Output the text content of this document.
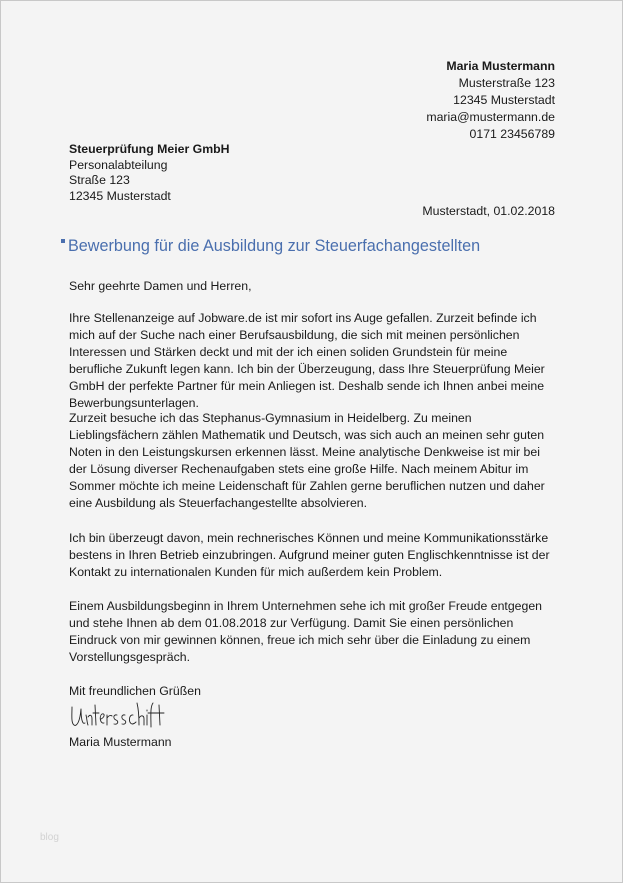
Maria Mustermann
Musterstraße 123
12345 Musterstadt
maria@mustermann.de
0171 23456789
Steuerprüfung Meier GmbH
Personalabteilung
Straße 123
12345 Musterstadt
Musterstadt, 01.02.2018
Bewerbung für die Ausbildung zur Steuerfachangestellten
Sehr geehrte Damen und Herren,

Ihre Stellenanzeige auf Jobware.de ist mir sofort ins Auge gefallen. Zurzeit befinde ich mich auf der Suche nach einer Berufsausbildung, die sich mit meinen persönlichen Interessen und Stärken deckt und mit der ich einen soliden Grundstein für meine berufliche Zukunft legen kann. Ich bin der Überzeugung, dass Ihre Steuerprüfung Meier GmbH der perfekte Partner für mein Anliegen ist. Deshalb sende ich Ihnen anbei meine Bewerbungsunterlagen.

Zurzeit besuche ich das Stephanus-Gymnasium in Heidelberg. Zu meinen Lieblingsfächern zählen Mathematik und Deutsch, was sich auch an meinen sehr guten Noten in den Leistungskursen erkennen lässt. Meine analytische Denkweise ist mir bei der Lösung diverser Rechenaufgaben stets eine große Hilfe. Nach meinem Abitur im Sommer möchte ich meine Leidenschaft für Zahlen gerne beruflichen nutzen und daher eine Ausbildung als Steuerfachangestellte absolvieren.

Ich bin überzeugt davon, mein rechnerisches Können und meine Kommunikationsstärke bestens in Ihren Betrieb einzubringen. Aufgrund meiner guten Englischkenntnisse ist der Kontakt zu internationalen Kunden für mich außerdem kein Problem.

Einem Ausbildungsbeginn in Ihrem Unternehmen sehe ich mit großer Freude entgegen und stehe Ihnen ab dem 01.08.2018 zur Verfügung. Damit Sie einen persönlichen Eindruck von mir gewinnen können, freue ich mich sehr über die Einladung zu einem Vorstellungsgespräch.

Mit freundlichen Grüßen
Maria Mustermann
blog
